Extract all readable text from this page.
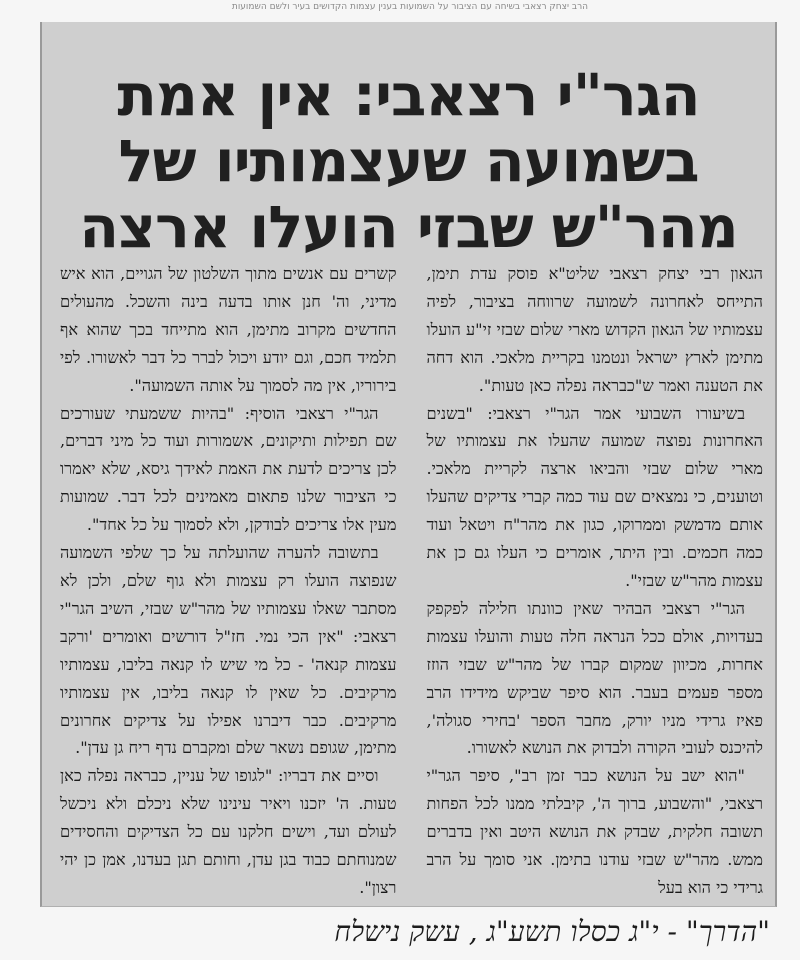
הרב יצחק רצאבי בשיחה עם הציבור על השמועות בענין עצמות הקדושים בעיר ולשם השמועות
הגר"י רצאבי: אין אמת
בשמועה שעצמותיו של
מהר"ש שבזי הועלו ארצה

הגאון רבי יצחק רצאבי שליט"א פוסק עדת תימן, התייחס לאחרונה לשמועה שרווחה בציבור, לפיה עצמותיו של הגאון הקדוש מארי שלום שבזי זי"ע הועלו מתימן לארץ ישראל ונטמנו בקריית מלאכי. הוא דחה את הטענה ואמר ש"כבראה נפלה כאן טעות".

בשיעורו השבועי אמר הגר"י רצאבי: "בשנים האחרונות נפוצה שמועה שהעלו את עצמותיו של מארי שלום שבזי והביאו ארצה לקריית מלאכי. וטוענים, כי נמצאים שם עוד כמה קברי צדיקים שהעלו אותם מדמשק וממרוקו, כגון את מהר"ח ויטאל ועוד כמה חכמים. ובין היתר, אומרים כי העלו גם כן את עצמות מהר"ש שבזי".

הגר"י רצאבי הבהיר שאין כוונתו חלילה לפקפק בעדויות, אולם ככל הנראה חלה טעות והועלו עצמות אחרות, מכיוון שמקום קברו של מהר"ש שבזי הוזז מספר פעמים בעבר. הוא סיפר שביקש מידידו הרב פאיז גרידי מניו יורק, מחבר הספר 'בחירי סגולה', להיכנס לעובי הקורה ולבדוק את הנושא לאשורו.

"הוא ישב על הנושא כבר זמן רב", סיפר הגר"י רצאבי, "והשבוע, ברוך ה', קיבלתי ממנו לכל הפחות תשובה חלקית, שבדק את הנושא היטב ואין בדברים ממש. מהר"ש שבזי עודנו בתימן. אני סומך על הרב גרידי כי הוא בעל

קשרים עם אנשים מתוך השלטון של הגויים, הוא איש מדיני, וה' חנן אותו בדעה בינה והשכל. מהעולים החדשים מקרוב מתימן, הוא מתייחד בכך שהוא אף תלמיד חכם, וגם יודע ויכול לברר כל דבר לאשורו. לפי בירוריו, אין מה לסמוך על אותה השמועה".

הגר"י רצאבי הוסיף: "בהיות ששמעתי שעורכים שם תפילות ותיקונים, אשמורות ועוד כל מיני דברים, לכן צריכים לדעת את האמת לאידך גיסא, שלא יאמרו כי הציבור שלנו פתאום מאמינים לכל דבר. שמועות מעין אלו צריכים לבודקן, ולא לסמוך על כל אחד".

בתשובה להערה שהועלתה על כך שלפי השמועה שנפוצה הועלו רק עצמות ולא גוף שלם, ולכן לא מסתבר שאלו עצמותיו של מהר"ש שבזי, השיב הגר"י רצאבי: "אין הכי נמי. חז"ל דורשים ואומרים 'ורקב עצמות קנאה' - כל מי שיש לו קנאה בליבו, עצמותיו מרקיבים. כל שאין לו קנאה בליבו, אין עצמותיו מרקיבים. כבר דיברנו אפילו על צדיקים אחרונים מתימן, שגופם נשאר שלם ומקברם נדף ריח גן עדן".

וסיים את דבריו: "לגופו של עניין, כבראה נפלה כאן טעות. ה' יזכנו ויאיר עינינו שלא ניכלם ולא ניכשל לעולם ועד, וישים חלקנו עם כל הצדיקים והחסידים שמנוחתם כבוד בגן עדן, וחותם תגן בעדנו, אמן כן יהי רצון".

"הדרך" - י"ג כסלו תשע"ג , עשק נישלח
